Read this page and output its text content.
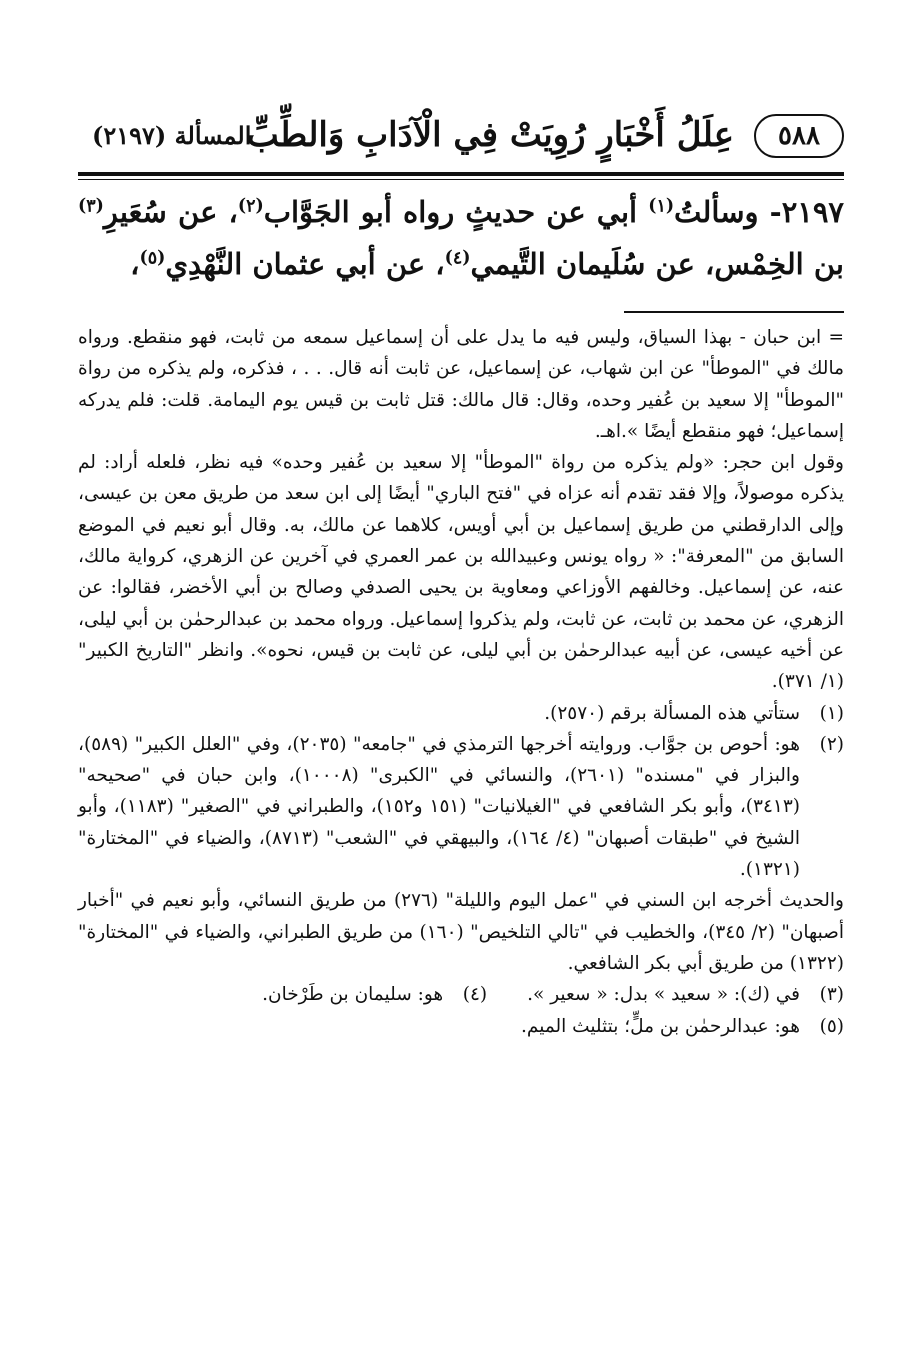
٥٨٨
عِلَلُ أَخْبَارٍ رُوِيَتْ فِي الْآدَابِ وَالطِّبِّ
المسألة (٢١٩٧)

٢١٩٧- وسألتُ( $^١$ ) أبي عن حديثٍ رواه أبو الجَوَّاب( $^٢$ )، عن سُعَيرِ( $^٣$ ) بن الخِمْس، عن سُلَيمان التَّيمي( $^٤$ )، عن أبي عثمان النَّهْدِي( $^٥$ )،

= ابن حبان - بهذا السياق، وليس فيه ما يدل على أن إسماعيل سمعه من ثابت، فهو منقطع. ورواه مالك في "الموطأ" عن ابن شهاب، عن إسماعيل، عن ثابت أنه قال. . . ، فذكره، ولم يذكره من رواة "الموطأ" إلا سعيد بن عُفير وحده، وقال: قال مالك: قتل ثابت بن قيس يوم اليمامة. قلت: فلم يدركه إسماعيل؛ فهو منقطع أيضًا ».اهـ.

وقول ابن حجر: «ولم يذكره من رواة "الموطأ" إلا سعيد بن عُفير وحده» فيه نظر، فلعله أراد: لم يذكره موصولاً، وإلا فقد تقدم أنه عزاه في "فتح الباري" أيضًا إلى ابن سعد من طريق معن بن عيسى، وإلى الدارقطني من طريق إسماعيل بن أبي أويس، كلاهما عن مالك، به. وقال أبو نعيم في الموضع السابق من "المعرفة": « رواه يونس وعبيدالله بن عمر العمري في آخرين عن الزهري، كرواية مالك، عنه، عن إسماعيل. وخالفهم الأوزاعي ومعاوية بن يحيى الصدفي وصالح بن أبي الأخضر، فقالوا: عن الزهري، عن محمد بن ثابت، عن ثابت، ولم يذكروا إسماعيل. ورواه محمد بن عبدالرحمٰن بن أبي ليلى، عن أخيه عيسى، عن أبيه عبدالرحمٰن بن أبي ليلى، عن ثابت بن قيس، نحوه». وانظر "التاريخ الكبير" (١/ ٣٧١).

(١)
ستأتي هذه المسألة برقم (٢٥٧٠).
(٢)
هو: أحوص بن جوَّاب. وروايته أخرجها الترمذي في "جامعه" (٢٠٣٥)، وفي "العلل الكبير" (٥٨٩)، والبزار في "مسنده" (٢٦٠١)، والنسائي في "الكبرى" (١٠٠٠٨)، وابن حبان في "صحيحه" (٣٤١٣)، وأبو بكر الشافعي في "الغيلانيات" (١٥١ و١٥٢)، والطبراني في "الصغير" (١١٨٣)، وأبو الشيخ في "طبقات أصبهان" (٤/ ١٦٤)، والبيهقي في "الشعب" (٨٧١٣)، والضياء في "المختارة" (١٣٢١).

والحديث أخرجه ابن السني في "عمل اليوم والليلة" (٢٧٦) من طريق النسائي، وأبو نعيم في "أخبار أصبهان" (٢/ ٣٤٥)، والخطيب في "تالي التلخيص" (١٦٠) من طريق الطبراني، والضياء في "المختارة" (١٣٢٢) من طريق أبي بكر الشافعي.

(٣)
في (ك): « سعيد » بدل: « سعير ».
(٤)
هو: سليمان بن طَرْخان.
(٥)
هو: عبدالرحمٰن بن ملٍّ؛ بتثليث الميم.
